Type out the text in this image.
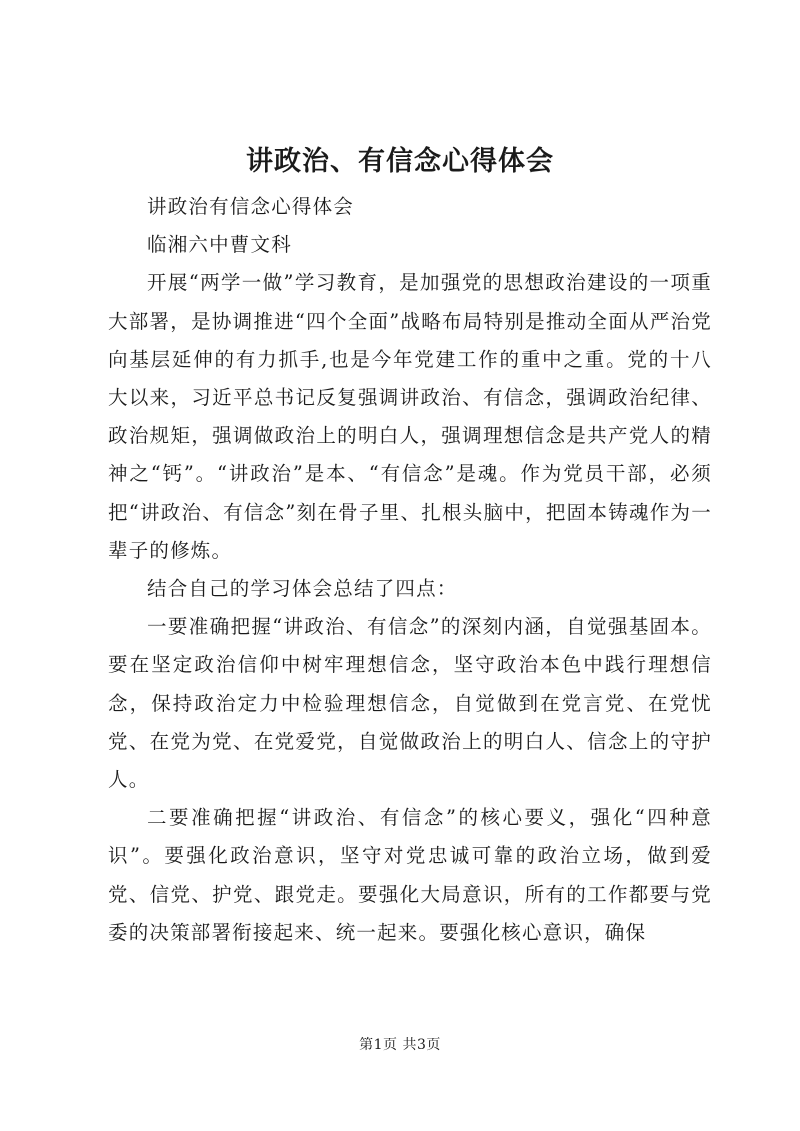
讲政治、有信念心得体会

讲政治有信念心得体会

临湘六中曹文科

开展“两学一做”学习教育，是加强党的思想政治建设的一项重大部署，是协调推进“四个全面”战略布局特别是推动全面从严治党向基层延伸的有力抓手,也是今年党建工作的重中之重。党的十八大以来，习近平总书记反复强调讲政治、有信念，强调政治纪律、政治规矩，强调做政治上的明白人，强调理想信念是共产党人的精神之“钙”。“讲政治”是本、“有信念”是魂。作为党员干部，必须把“讲政治、有信念”刻在骨子里、扎根头脑中，把固本铸魂作为一辈子的修炼。

结合自己的学习体会总结了四点：

一要准确把握“讲政治、有信念”的深刻内涵，自觉强基固本。要在坚定政治信仰中树牢理想信念，坚守政治本色中践行理想信念，保持政治定力中检验理想信念，自觉做到在党言党、在党忧党、在党为党、在党爱党，自觉做政治上的明白人、信念上的守护人。

二要准确把握“讲政治、有信念”的核心要义，强化“四种意识”。要强化政治意识，坚守对党忠诚可靠的政治立场，做到爱党、信党、护党、跟党走。要强化大局意识，所有的工作都要与党委的决策部署衔接起来、统一起来。要强化核心意识，确保

第1页 共3页
